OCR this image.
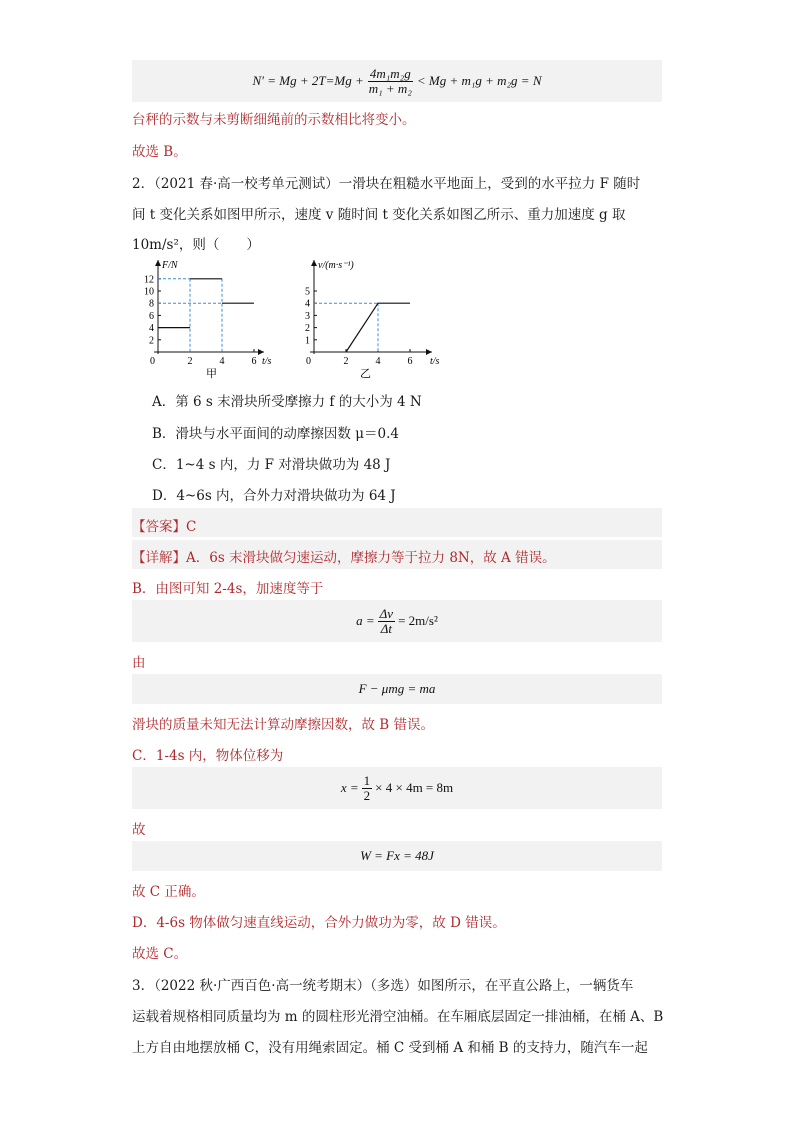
$N' = Mg + 2T=Mg + \frac{\text{4m₁m₂g}}{\text{m₁ + m₂}} < Mg + m_1g + m_2g = N$
台秤的示数与未剪断细绳前的示数相比将变小。
故选 B。
2．（2021 春·高一校考单元测试）一滑块在粗糙水平地面上，受到的水平拉力 F 随时
间 t 变化关系如图甲所示，速度 v 随时间 t 变化关系如图乙所示、重力加速度 g 取
10m/s²，则（　　）
F/N
t/s
2
4
6
8
10
12
0	2	4	6
甲
v/(m·s⁻¹)
t/s
1
2
3
4
5
0	2	4	6
乙
A．第 6 s 末滑块所受摩擦力 f 的大小为 4 N
B．滑块与水平面间的动摩擦因数 μ＝0.4
C．1~4 s 内，力 F 对滑块做功为 48 J
D．4~6s 内，合外力对滑块做功为 64 J
【答案】C
【详解】A．6s 末滑块做匀速运动，摩擦力等于拉力 8N，故 A 错误。
B．由图可知 2-4s，加速度等于
$a = \frac{\Delta v}{\Delta t} = 2m/s^2$
由
F − μmg = ma
滑块的质量未知无法计算动摩擦因数，故 B 错误。
C．1-4s 内，物体位移为
$x = \frac{1}{2} \times 4 \times 4m = 8m$
故
W = Fx = 48J
故 C 正确。
D．4-6s 物体做匀速直线运动，合外力做功为零，故 D 错误。
故选 C。
3．（2022 秋·广西百色·高一统考期末）（多选）如图所示，在平直公路上，一辆货车
运载着规格相同质量均为 m 的圆柱形光滑空油桶。在车厢底层固定一排油桶，在桶 A、B
上方自由地摆放桶 C，没有用绳索固定。桶 C 受到桶 A 和桶 B 的支持力，随汽车一起
